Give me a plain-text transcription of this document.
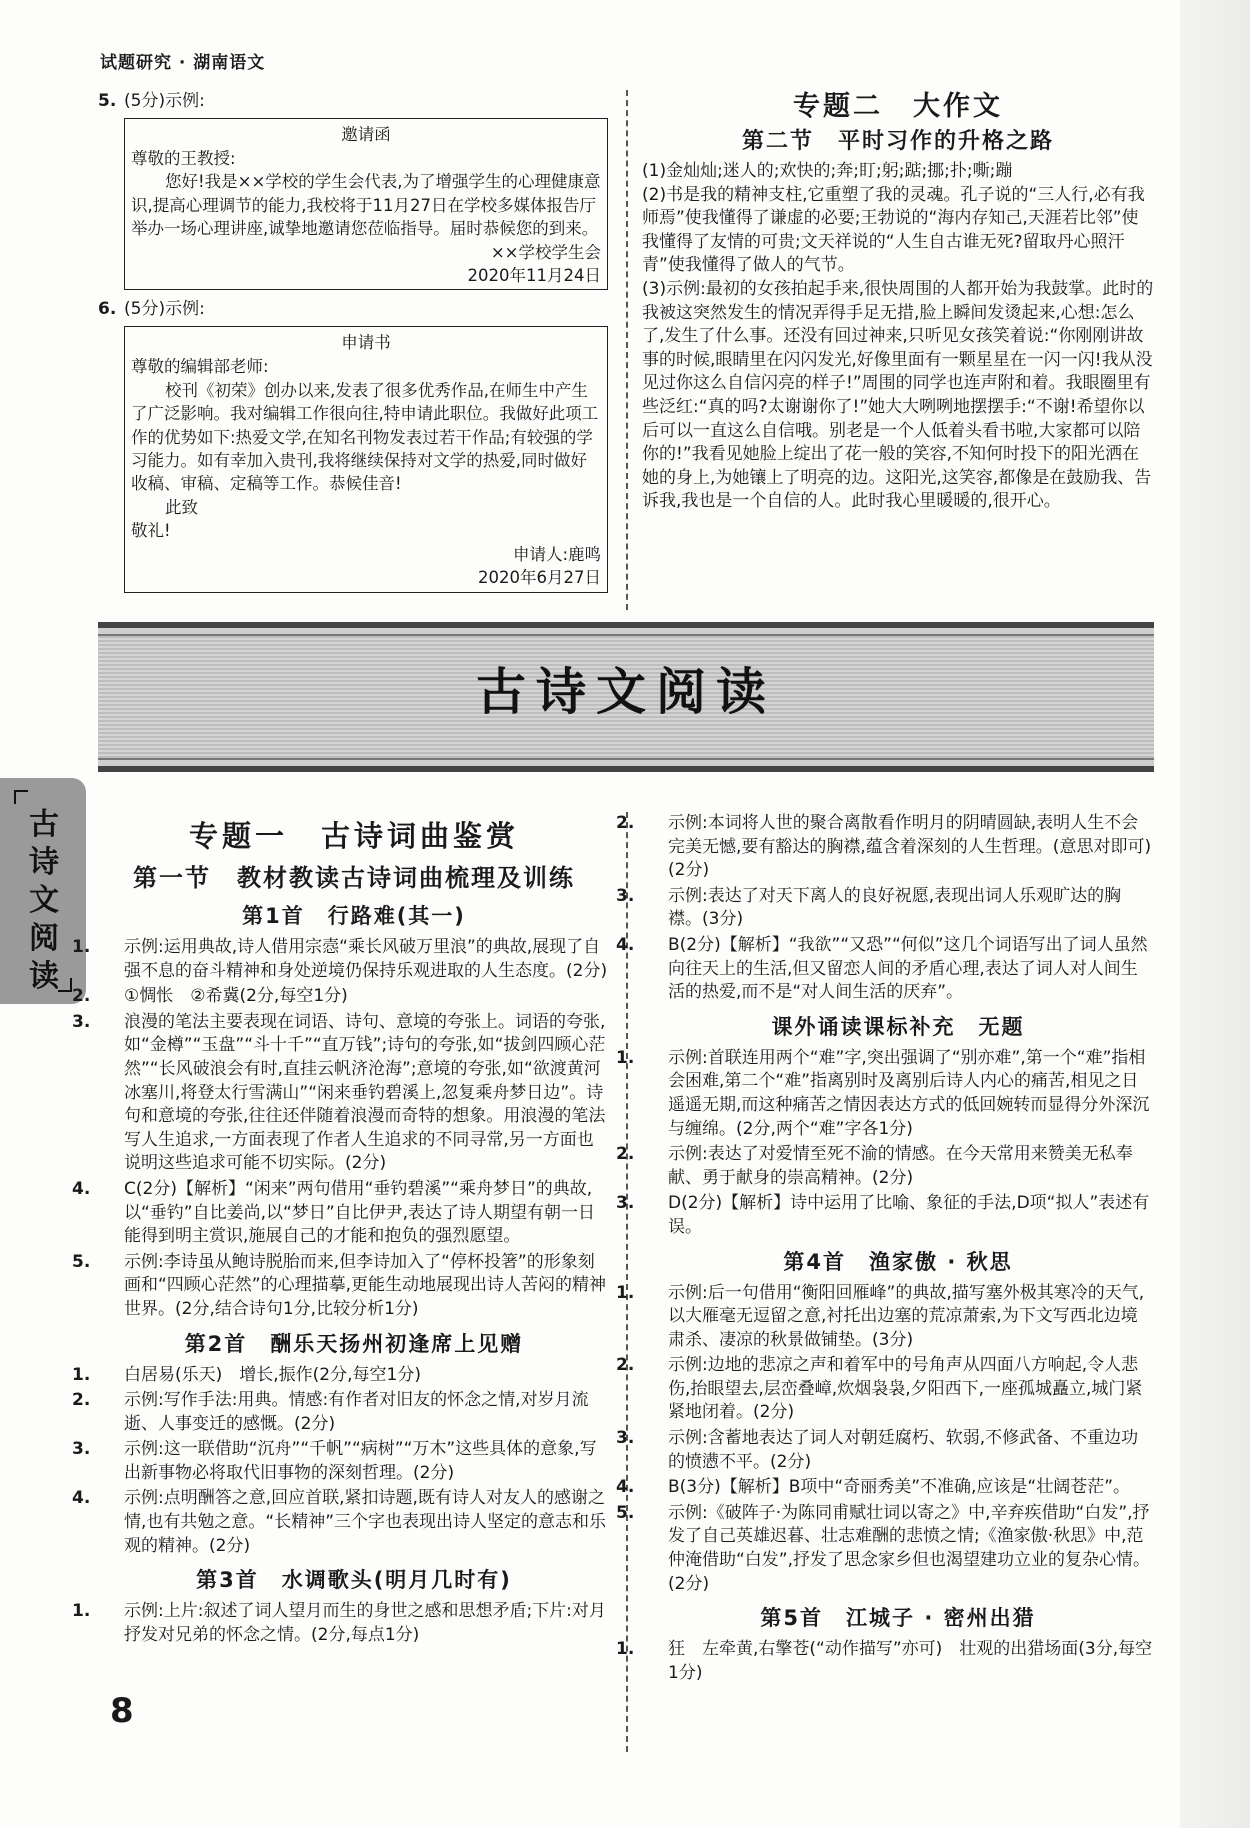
试题研究 · 湖南语文
5. (5分)示例:
邀请函
尊敬的王教授:
您好!我是××学校的学生会代表,为了增强学生的心理健康意识,提高心理调节的能力,我校将于11月27日在学校多媒体报告厅举办一场心理讲座,诚挚地邀请您莅临指导。届时恭候您的到来。
××学校学生会
2020年11月24日
6. (5分)示例:
申请书
尊敬的编辑部老师:
校刊《初荣》创办以来,发表了很多优秀作品,在师生中产生了广泛影响。我对编辑工作很向往,特申请此职位。我做好此项工作的优势如下:热爱文学,在知名刊物发表过若干作品;有较强的学习能力。如有幸加入贵刊,我将继续保持对文学的热爱,同时做好收稿、审稿、定稿等工作。恭候佳音!
此致
敬礼!
申请人:鹿鸣
2020年6月27日
专题二　大作文
第二节　平时习作的升格之路
(1)金灿灿;迷人的;欢快的;奔;盯;躬;踮;挪;扑;嘶;蹦
(2)书是我的精神支柱,它重塑了我的灵魂。孔子说的“三人行,必有我师焉”使我懂得了谦虚的必要;王勃说的“海内存知己,天涯若比邻”使我懂得了友情的可贵;文天祥说的“人生自古谁无死?留取丹心照汗青”使我懂得了做人的气节。
(3)示例:最初的女孩拍起手来,很快周围的人都开始为我鼓掌。此时的我被这突然发生的情况弄得手足无措,脸上瞬间发烫起来,心想:怎么了,发生了什么事。还没有回过神来,只听见女孩笑着说:“你刚刚讲故事的时候,眼睛里在闪闪发光,好像里面有一颗星星在一闪一闪!我从没见过你这么自信闪亮的样子!”周围的同学也连声附和着。我眼圈里有些泛红:“真的吗?太谢谢你了!”她大大咧咧地摆摆手:“不谢!希望你以后可以一直这么自信哦。别老是一个人低着头看书啦,大家都可以陪你的!”我看见她脸上绽出了花一般的笑容,不知何时投下的阳光洒在她的身上,为她镶上了明亮的边。这阳光,这笑容,都像是在鼓励我、告诉我,我也是一个自信的人。此时我心里暖暖的,很开心。
古诗文阅读
古诗文阅读
专题一　古诗词曲鉴赏
第一节　教材教读古诗词曲梳理及训练
第1首　行路难(其一)
1. 示例:运用典故,诗人借用宗悫“乘长风破万里浪”的典故,展现了自强不息的奋斗精神和身处逆境仍保持乐观进取的人生态度。(2分)
2. ①惆怅　②希冀(2分,每空1分)
3. 浪漫的笔法主要表现在词语、诗句、意境的夸张上。词语的夸张,如“金樽”“玉盘”“斗十千”“直万钱”;诗句的夸张,如“拔剑四顾心茫然”“长风破浪会有时,直挂云帆济沧海”;意境的夸张,如“欲渡黄河冰塞川,将登太行雪满山”“闲来垂钓碧溪上,忽复乘舟梦日边”。诗句和意境的夸张,往往还伴随着浪漫而奇特的想象。用浪漫的笔法写人生追求,一方面表现了作者人生追求的不同寻常,另一方面也说明这些追求可能不切实际。(2分)
4. C(2分)【解析】“闲来”两句借用“垂钓碧溪”“乘舟梦日”的典故,以“垂钓”自比姜尚,以“梦日”自比伊尹,表达了诗人期望有朝一日能得到明主赏识,施展自己的才能和抱负的强烈愿望。
5. 示例:李诗虽从鲍诗脱胎而来,但李诗加入了“停杯投箸”的形象刻画和“四顾心茫然”的心理描摹,更能生动地展现出诗人苦闷的精神世界。(2分,结合诗句1分,比较分析1分)
第2首　酬乐天扬州初逢席上见赠
1. 白居易(乐天)　增长,振作(2分,每空1分)
2. 示例:写作手法:用典。情感:有作者对旧友的怀念之情,对岁月流逝、人事变迁的感慨。(2分)
3. 示例:这一联借助“沉舟”“千帆”“病树”“万木”这些具体的意象,写出新事物必将取代旧事物的深刻哲理。(2分)
4. 示例:点明酬答之意,回应首联,紧扣诗题,既有诗人对友人的感谢之情,也有共勉之意。“长精神”三个字也表现出诗人坚定的意志和乐观的精神。(2分)
第3首　水调歌头(明月几时有)
1. 示例:上片:叙述了词人望月而生的身世之感和思想矛盾;下片:对月抒发对兄弟的怀念之情。(2分,每点1分)
2. 示例:本词将人世的聚合离散看作明月的阴晴圆缺,表明人生不会完美无憾,要有豁达的胸襟,蕴含着深刻的人生哲理。(意思对即可)(2分)
3. 示例:表达了对天下离人的良好祝愿,表现出词人乐观旷达的胸襟。(3分)
4. B(2分)【解析】“我欲”“又恐”“何似”这几个词语写出了词人虽然向往天上的生活,但又留恋人间的矛盾心理,表达了词人对人间生活的热爱,而不是“对人间生活的厌弃”。
课外诵读课标补充　无题
1. 示例:首联连用两个“难”字,突出强调了“别亦难”,第一个“难”指相会困难,第二个“难”指离别时及离别后诗人内心的痛苦,相见之日遥遥无期,而这种痛苦之情因表达方式的低回婉转而显得分外深沉与缠绵。(2分,两个“难”字各1分)
2. 示例:表达了对爱情至死不渝的情感。在今天常用来赞美无私奉献、勇于献身的崇高精神。(2分)
3. D(2分)【解析】诗中运用了比喻、象征的手法,D项“拟人”表述有误。
第4首　渔家傲 · 秋思
1. 示例:后一句借用“衡阳回雁峰”的典故,描写塞外极其寒冷的天气,以大雁毫无逗留之意,衬托出边塞的荒凉萧索,为下文写西北边境肃杀、凄凉的秋景做铺垫。(3分)
2. 示例:边地的悲凉之声和着军中的号角声从四面八方响起,令人悲伤,抬眼望去,层峦叠嶂,炊烟袅袅,夕阳西下,一座孤城矗立,城门紧紧地闭着。(2分)
3. 示例:含蓄地表达了词人对朝廷腐朽、软弱,不修武备、不重边功的愤懑不平。(2分)
4. B(3分)【解析】B项中“奇丽秀美”不准确,应该是“壮阔苍茫”。
5. 示例:《破阵子·为陈同甫赋壮词以寄之》中,辛弃疾借助“白发”,抒发了自己英雄迟暮、壮志难酬的悲愤之情;《渔家傲·秋思》中,范仲淹借助“白发”,抒发了思念家乡但也渴望建功立业的复杂心情。(2分)
第5首　江城子 · 密州出猎
1. 狂　左牵黄,右擎苍(“动作描写”亦可)　壮观的出猎场面(3分,每空1分)
8
